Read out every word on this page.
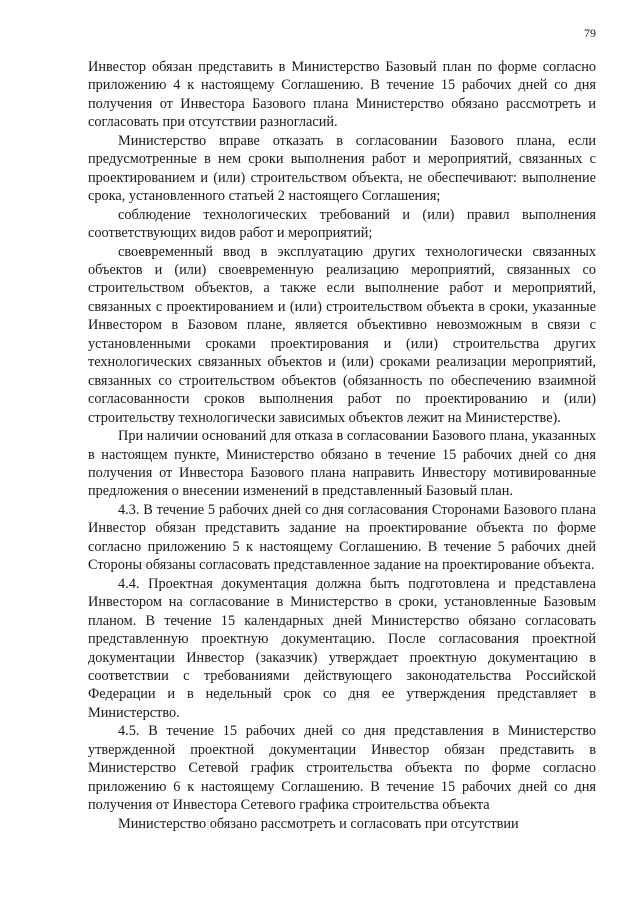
79

Инвестор обязан представить в Министерство Базовый план по форме согласно приложению 4 к настоящему Соглашению. В течение 15 рабочих дней со дня получения от Инвестора Базового плана Министерство обязано рассмотреть и согласовать при отсутствии разногласий.

Министерство вправе отказать в согласовании Базового плана, если предусмотренные в нем сроки выполнения работ и мероприятий, связанных с проектированием и (или) строительством объекта, не обеспечивают: выполнение срока, установленного статьей 2 настоящего Соглашения;

соблюдение технологических требований и (или) правил выполнения соответствующих видов работ и мероприятий;

своевременный ввод в эксплуатацию других технологически связанных объектов и (или) своевременную реализацию мероприятий, связанных со строительством объектов, а также если выполнение работ и мероприятий, связанных с проектированием и (или) строительством объекта в сроки, указанные Инвестором в Базовом плане, является объективно невозможным в связи с установленными сроками проектирования и (или) строительства других технологических связанных объектов и (или) сроками реализации мероприятий, связанных со строительством объектов (обязанность по обеспечению взаимной согласованности сроков выполнения работ по проектированию и (или) строительству технологически зависимых объектов лежит на Министерстве).

При наличии оснований для отказа в согласовании Базового плана, указанных в настоящем пункте, Министерство обязано в течение 15 рабочих дней со дня получения от Инвестора Базового плана направить Инвестору мотивированные предложения о внесении изменений в представленный Базовый план.

4.3. В течение 5 рабочих дней со дня согласования Сторонами Базового плана Инвестор обязан представить задание на проектирование объекта по форме согласно приложению 5 к настоящему Соглашению. В течение 5 рабочих дней Стороны обязаны согласовать представленное задание на проектирование объекта.

4.4. Проектная документация должна быть подготовлена и представлена Инвестором на согласование в Министерство в сроки, установленные Базовым планом. В течение 15 календарных дней Министерство обязано согласовать представленную проектную документацию. После согласования проектной документации Инвестор (заказчик) утверждает проектную документацию в соответствии с требованиями действующего законодательства Российской Федерации и в недельный срок со дня ее утверждения представляет в Министерство.

4.5. В течение 15 рабочих дней со дня представления в Министерство утвержденной проектной документации Инвестор обязан представить в Министерство Сетевой график строительства объекта по форме согласно приложению 6 к настоящему Соглашению. В течение 15 рабочих дней со дня получения от Инвестора Сетевого графика строительства объекта

Министерство обязано рассмотреть и согласовать при отсутствии
